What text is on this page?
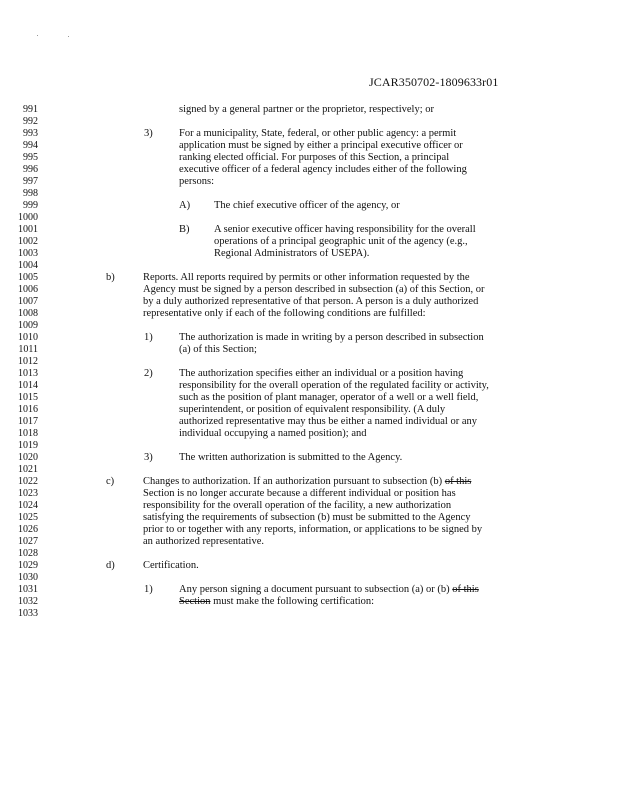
JCAR350702-1809633r01
991
992
993
994
995
996
997
998
999
1000
1001
1002
1003
1004
1005
1006
1007
1008
1009
1010
1011
1012
1013
1014
1015
1016
1017
1018
1019
1020
1021
1022
1023
1024
1025
1026
1027
1028
1029
1030
1031
1032
1033
signed by a general partner or the proprietor, respectively; or
3)	For a municipality, State, federal, or other public agency: a permit
application must be signed by either a principal executive officer or
ranking elected official. For purposes of this Section, a principal
executive officer of a federal agency includes either of the following
persons:
A) The chief executive officer of the agency, or
B) A senior executive officer having responsibility for the overall
operations of a principal geographic unit of the agency (e.g.,
Regional Administrators of USEPA).
b)	Reports. All reports required by permits or other information requested by the
Agency must be signed by a person described in subsection (a) of this Section, or
by a duly authorized representative of that person. A person is a duly authorized
representative only if each of the following conditions are fulfilled:
1)	The authorization is made in writing by a person described in subsection
(a) of this Section;
2)	The authorization specifies either an individual or a position having
responsibility for the overall operation of the regulated facility or activity,
such as the position of plant manager, operator of a well or a well field,
superintendent, or position of equivalent responsibility. (A duly
authorized representative may thus be either a named individual or any
individual occupying a named position); and
3)	The written authorization is submitted to the Agency.
c)	Changes to authorization. If an authorization pursuant to subsection (b) of this
Section is no longer accurate because a different individual or position has
responsibility for the overall operation of the facility, a new authorization
satisfying the requirements of subsection (b) must be submitted to the Agency
prior to or together with any reports, information, or applications to be signed by
an authorized representative.
d)	Certification.
1)	Any person signing a document pursuant to subsection (a) or (b) of this
Section must make the following certification:
